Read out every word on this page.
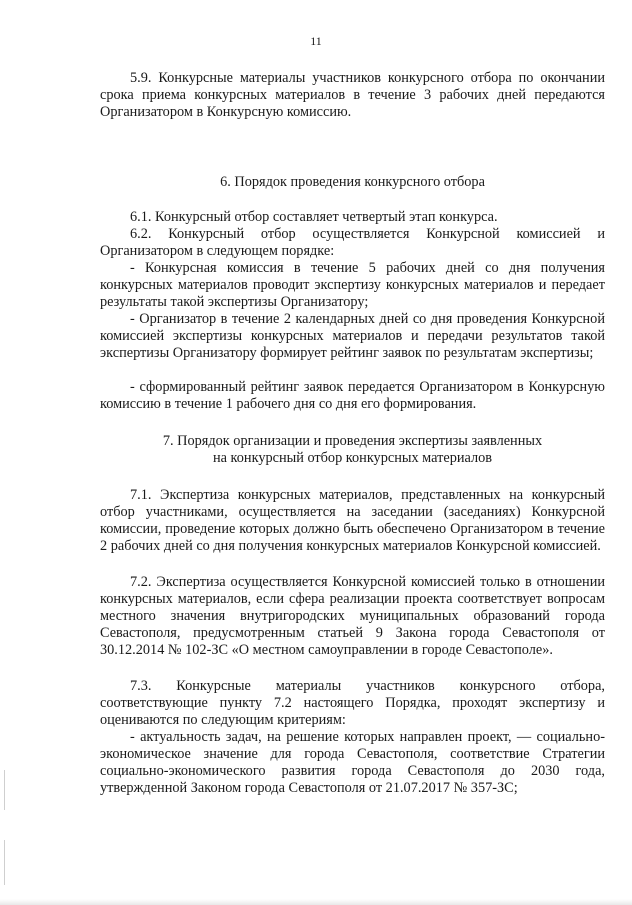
11

5.9. Конкурсные материалы участников конкурсного отбора по окончании срока приема конкурсных материалов в течение 3 рабочих дней передаются Организатором в Конкурсную комиссию.

6. Порядок проведения конкурсного отбора

6.1. Конкурсный отбор составляет четвертый этап конкурса.

6.2. Конкурсный отбор осуществляется Конкурсной комиссией и Организатором в следующем порядке:

- Конкурсная комиссия в течение 5 рабочих дней со дня получения конкурсных материалов проводит экспертизу конкурсных материалов и передает результаты такой экспертизы Организатору;

- Организатор в течение 2 календарных дней со дня проведения Конкурсной комиссией экспертизы конкурсных материалов и передачи результатов такой экспертизы Организатору формирует рейтинг заявок по результатам экспертизы;

- сформированный рейтинг заявок передается Организатором в Конкурсную комиссию в течение 1 рабочего дня со дня его формирования.

7. Порядок организации и проведения экспертизы заявленных
на конкурсный отбор конкурсных материалов

7.1. Экспертиза конкурсных материалов, представленных на конкурсный отбор участниками, осуществляется на заседании (заседаниях) Конкурсной комиссии, проведение которых должно быть обеспечено Организатором в течение 2 рабочих дней со дня получения конкурсных материалов Конкурсной комиссией.

7.2. Экспертиза осуществляется Конкурсной комиссией только в отношении конкурсных материалов, если сфера реализации проекта соответствует вопросам местного значения внутригородских муниципальных образований города Севастополя, предусмотренным статьей 9 Закона города Севастополя от 30.12.2014 № 102-ЗС «О местном самоуправлении в городе Севастополе».

7.3. Конкурсные материалы участников конкурсного отбора, соответствующие пункту 7.2 настоящего Порядка, проходят экспертизу и оцениваются по следующим критериям:

- актуальность задач, на решение которых направлен проект, — социально-экономическое значение для города Севастополя, соответствие Стратегии социально-экономического развития города Севастополя до 2030 года, утвержденной Законом города Севастополя от 21.07.2017 № 357-ЗС;
